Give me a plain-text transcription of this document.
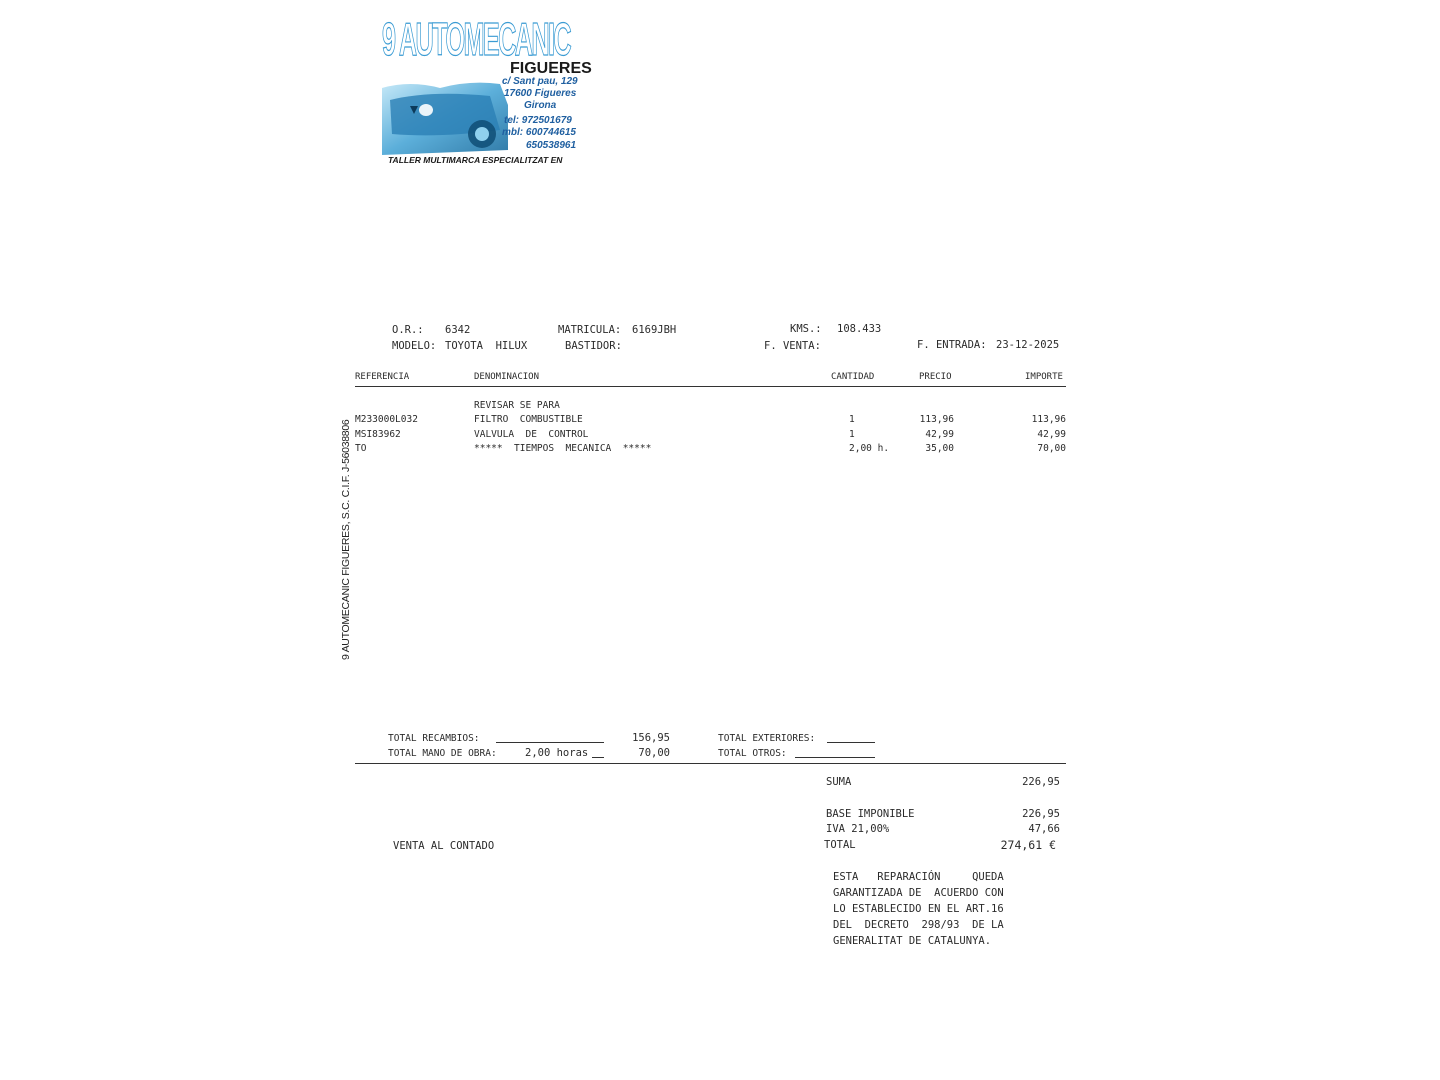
9 AUTOMECANIC
FIGUERES
c/ Sant pau, 129
17600 Figueres
Girona
tel: 972501679
mbl: 600744615
650538961
TALLER MULTIMARCA ESPECIALITZAT EN
9 AUTOMECANIC FIGUERES, S.C. C.I.F. J-56038806
O.R.: 6342	MATRICULA: 6169JBH	KMS.: 108.433
MODELO: TOYOTA  HILUX	BASTIDOR:	F. VENTA:	F. ENTRADA: 23-12-2025
REFERENCIA	DENOMINACION	CANTIDAD	PRECIO	IMPORTE
REVISAR SE PARA
M233000L032	FILTRO  COMBUSTIBLE	1	113,96	113,96
MSI83962	VALVULA  DE  CONTROL	1	42,99	42,99
TO	*****  TIEMPOS  MECANICA  *****	2,00 h.	35,00	70,00
TOTAL RECAMBIOS:	156,95	TOTAL EXTERIORES:
TOTAL MANO DE OBRA:	2,00 horas	70,00	TOTAL OTROS:
SUMA	226,95
BASE IMPONIBLE	226,95
IVA 21,00%	47,66
TOTAL	274,61 €
VENTA AL CONTADO
ESTA   REPARACIÓN     QUEDA
GARANTIZADA DE  ACUERDO CON
LO ESTABLECIDO EN EL ART.16
DEL  DECRETO  298/93  DE LA
GENERALITAT DE CATALUNYA.
